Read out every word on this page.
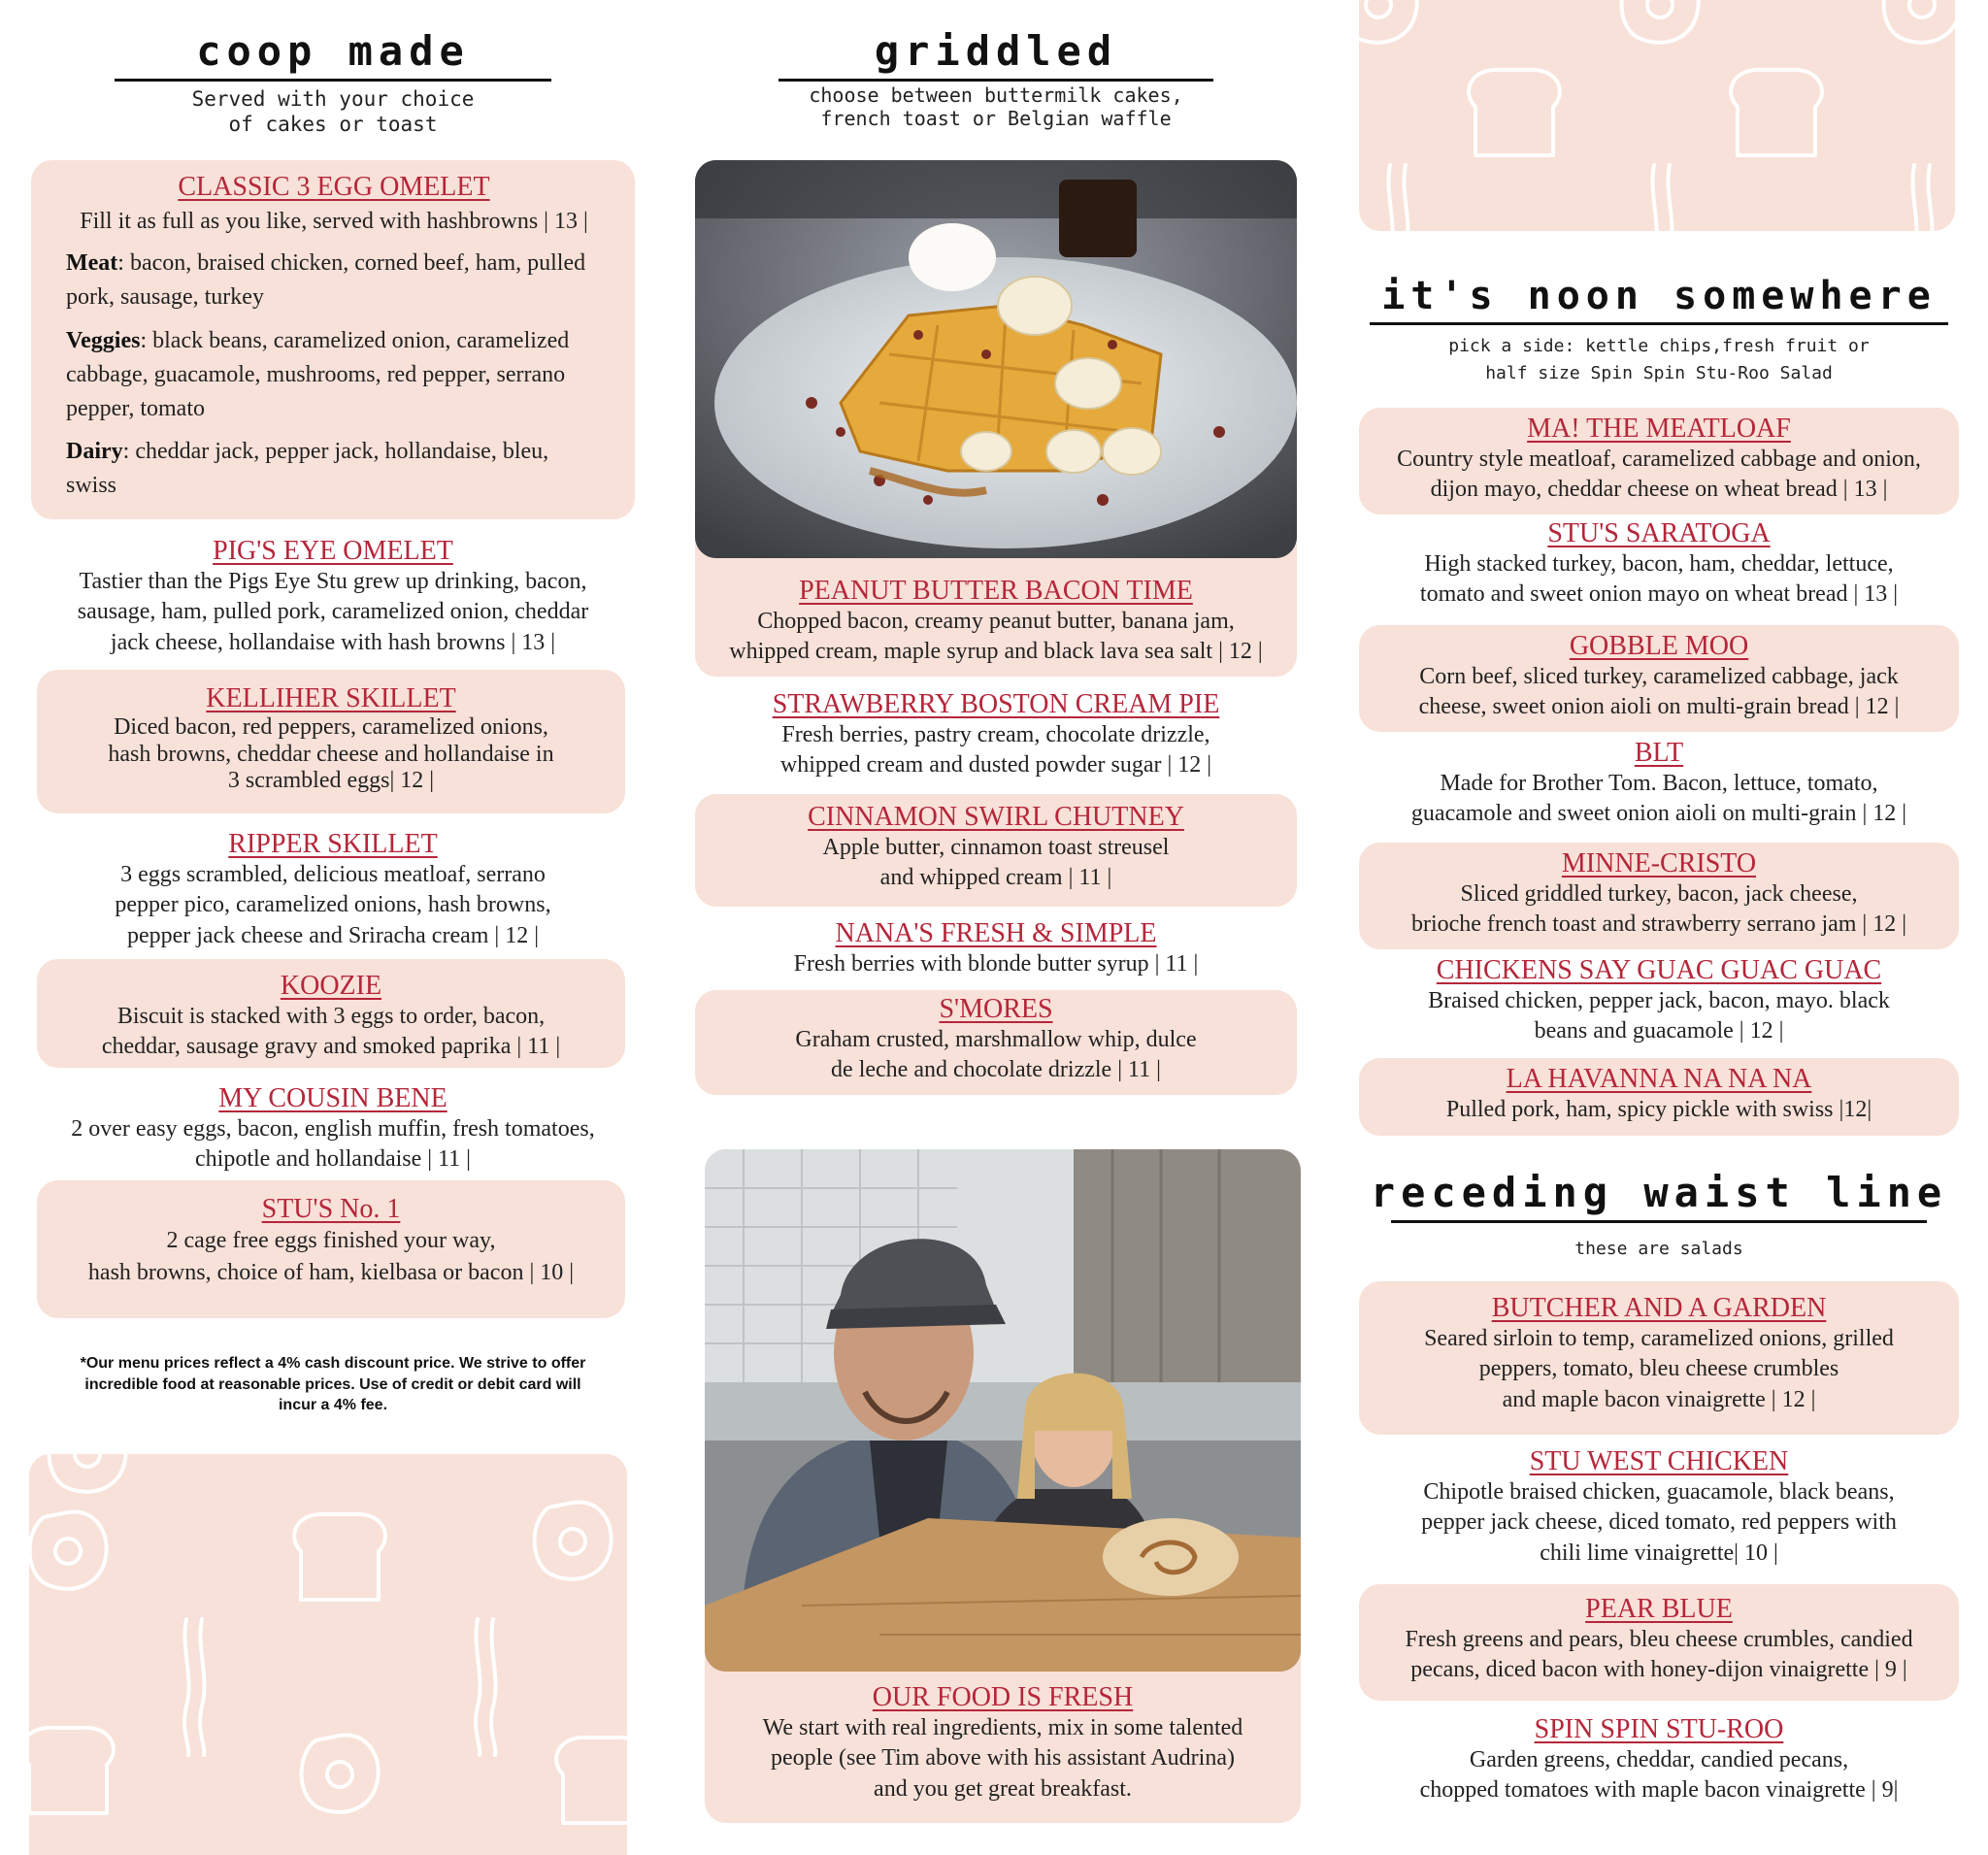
coop made
Served with your choice
of cakes or toast
CLASSIC 3 EGG OMELET
Fill it as full as you like, served with hashbrowns | 13 |
Meat: bacon, braised chicken, corned beef, ham, pulled pork, sausage, turkey
Veggies: black beans, caramelized onion, caramelized cabbage, guacamole, mushrooms, red pepper, serrano pepper, tomato
Dairy: cheddar jack, pepper jack, hollandaise, bleu, swiss
PIG'S EYE OMELET
Tastier than the Pigs Eye Stu grew up drinking, bacon,
sausage, ham, pulled pork, caramelized onion, cheddar
jack cheese, hollandaise with hash browns | 13 |
KELLIHER SKILLET
Diced bacon, red peppers, caramelized onions,
hash browns, cheddar cheese and hollandaise in
3 scrambled eggs| 12 |
RIPPER SKILLET
3 eggs scrambled, delicious meatloaf, serrano
pepper pico, caramelized onions, hash browns,
pepper jack cheese and Sriracha cream | 12 |
KOOZIE
Biscuit is stacked with 3 eggs to order, bacon,
cheddar, sausage gravy and smoked paprika | 11 |
MY COUSIN BENE
2 over easy eggs, bacon, english muffin, fresh tomatoes,
chipotle and hollandaise | 11 |
STU'S No. 1
2 cage free eggs finished your way,
hash browns, choice of ham, kielbasa or bacon | 10 |
*Our menu prices reflect a 4% cash discount price. We strive to offer
incredible food at reasonable prices. Use of credit or debit card will
incur a 4% fee.
griddled
choose between buttermilk cakes,
french toast or Belgian waffle
PEANUT BUTTER BACON TIME
Chopped bacon, creamy peanut butter, banana jam,
whipped cream, maple syrup and black lava sea salt | 12 |
STRAWBERRY BOSTON CREAM PIE
Fresh berries, pastry cream, chocolate drizzle,
whipped cream and dusted powder sugar | 12 |
CINNAMON SWIRL CHUTNEY
Apple butter, cinnamon toast streusel
and whipped cream | 11 |
NANA'S FRESH & SIMPLE
Fresh berries with blonde butter syrup | 11 |
S'MORES
Graham crusted, marshmallow whip, dulce
de leche and chocolate drizzle | 11 |
OUR FOOD IS FRESH
We start with real ingredients, mix in some talented
people (see Tim above with his assistant Audrina)
and you get great breakfast.
it's noon somewhere
pick a side: kettle chips,fresh fruit or
half size Spin Spin Stu-Roo Salad
MA! THE MEATLOAF
Country style meatloaf, caramelized cabbage and onion,
dijon mayo, cheddar cheese on wheat bread | 13 |
STU'S SARATOGA
High stacked turkey, bacon, ham, cheddar, lettuce,
tomato and sweet onion mayo on wheat bread | 13 |
GOBBLE MOO
Corn beef, sliced turkey, caramelized cabbage, jack
cheese, sweet onion aioli on multi-grain bread | 12 |
BLT
Made for Brother Tom. Bacon, lettuce, tomato,
guacamole and sweet onion aioli on multi-grain | 12 |
MINNE-CRISTO
Sliced griddled turkey, bacon, jack cheese,
brioche french toast and strawberry serrano jam | 12 |
CHICKENS SAY GUAC GUAC GUAC
Braised chicken, pepper jack, bacon, mayo. black
beans and guacamole | 12 |
LA HAVANNA NA NA NA
Pulled pork, ham, spicy pickle with swiss |12|
receding waist line
these are salads
BUTCHER AND A GARDEN
Seared sirloin to temp, caramelized onions, grilled
peppers, tomato, bleu cheese crumbles
and maple bacon vinaigrette | 12 |
STU WEST CHICKEN
Chipotle braised chicken, guacamole, black beans,
pepper jack cheese, diced tomato, red peppers with
chili lime vinaigrette| 10 |
PEAR BLUE
Fresh greens and pears, bleu cheese crumbles, candied
pecans, diced bacon with honey-dijon vinaigrette | 9 |
SPIN SPIN STU-ROO
Garden greens, cheddar, candied pecans,
chopped tomatoes with maple bacon vinaigrette | 9|
